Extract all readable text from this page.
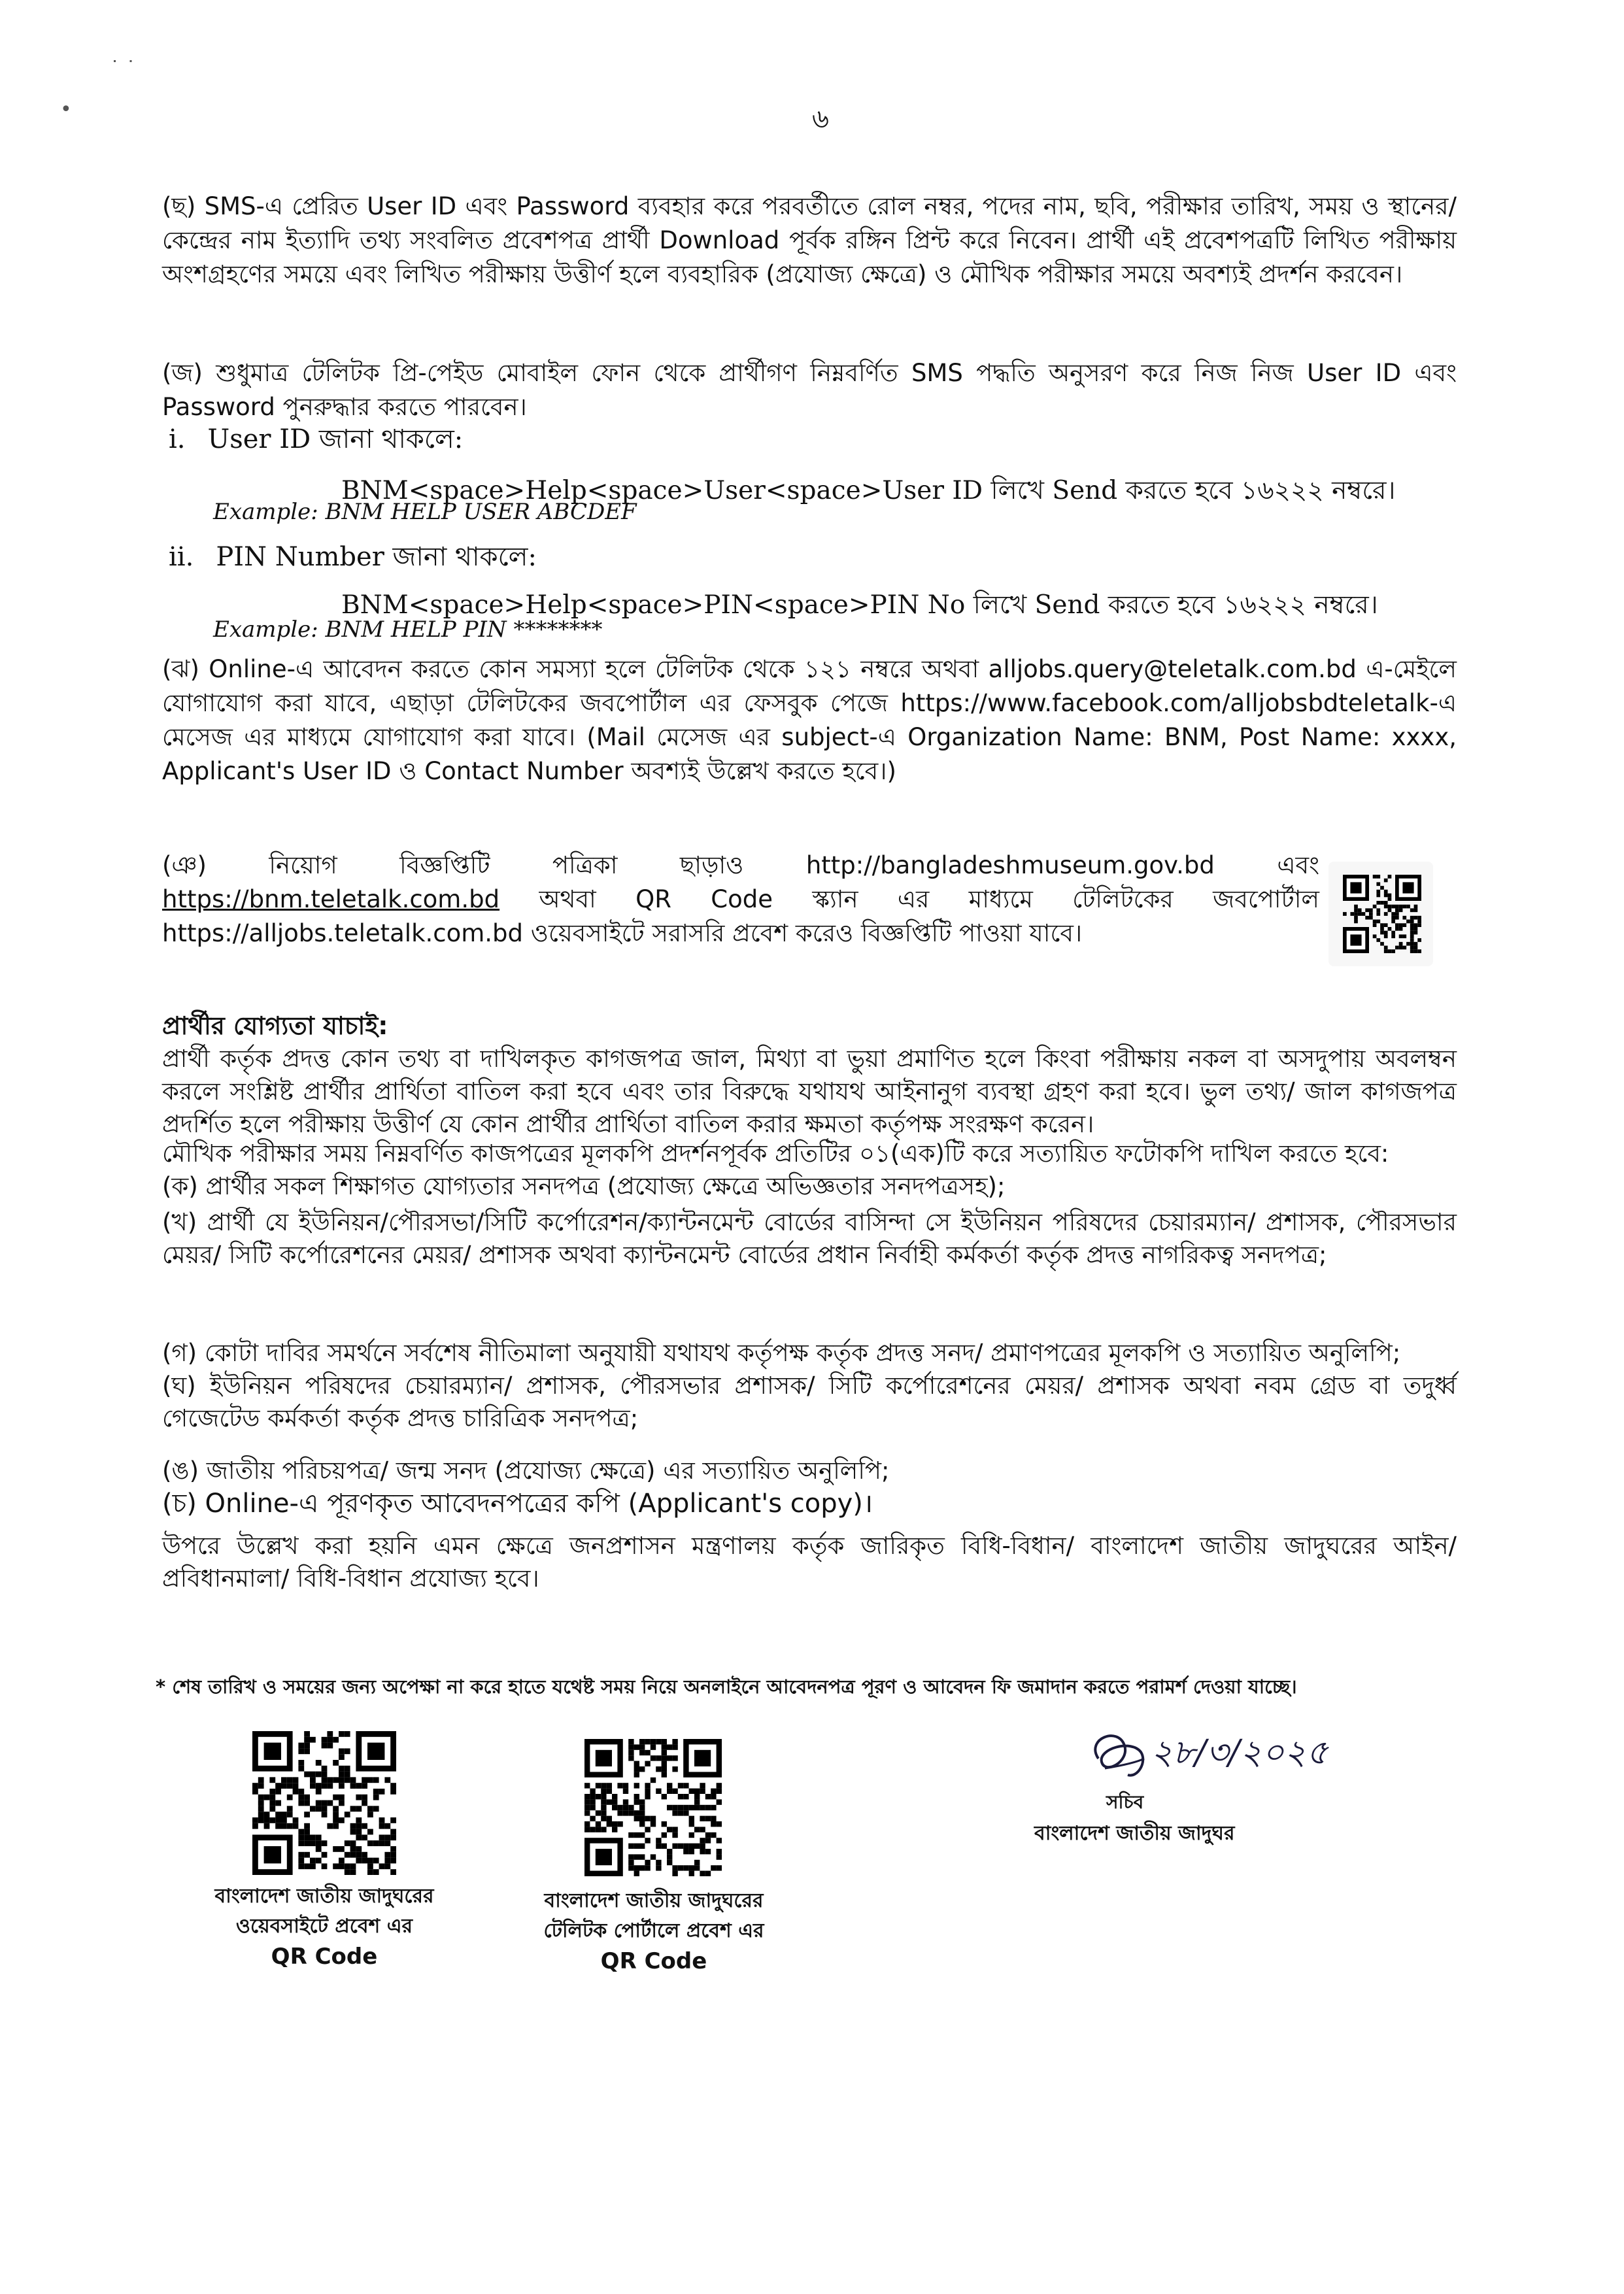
˙ ˙
•	৬
(ছ) SMS-এ প্রেরিত User ID এবং Password ব্যবহার করে পরবর্তীতে রোল নম্বর, পদের নাম, ছবি, পরীক্ষার তারিখ, সময় ও স্থানের/ কেন্দ্রের নাম ইত্যাদি তথ্য সংবলিত প্রবেশপত্র প্রার্থী Download পূর্বক রঙ্গিন প্রিন্ট করে নিবেন। প্রার্থী এই প্রবেশপত্রটি লিখিত পরীক্ষায় অংশগ্রহণের সময়ে এবং লিখিত পরীক্ষায় উত্তীর্ণ হলে ব্যবহারিক (প্রযোজ্য ক্ষেত্রে) ও মৌখিক পরীক্ষার সময়ে অবশ্যই প্রদর্শন করবেন।
(জ) শুধুমাত্র টেলিটক প্রি-পেইড মোবাইল ফোন থেকে প্রার্থীগণ নিম্নবর্ণিত SMS পদ্ধতি অনুসরণ করে নিজ নিজ User ID এবং Password পুনরুদ্ধার করতে পারবেন।
i. User ID জানা থাকলে:
BNM<space>Help<space>User<space>User ID লিখে Send করতে হবে ১৬২২২ নম্বরে।
Example: BNM HELP USER ABCDEF
ii. PIN Number জানা থাকলে:
BNM<space>Help<space>PIN<space>PIN No লিখে Send করতে হবে ১৬২২২ নম্বরে।
Example: BNM HELP PIN ********
(ঝ) Online-এ আবেদন করতে কোন সমস্যা হলে টেলিটক থেকে ১২১ নম্বরে অথবা alljobs.query@teletalk.com.bd এ-মেইলে যোগাযোগ করা যাবে, এছাড়া টেলিটকের জবপোর্টাল এর ফেসবুক পেজে https://www.facebook.com/alljobsbdteletalk-এ মেসেজ এর মাধ্যমে যোগাযোগ করা যাবে। (Mail মেসেজ এর subject-এ Organization Name: BNM, Post Name: xxxx, Applicant's User ID ও Contact Number অবশ্যই উল্লেখ করতে হবে।)
(ঞ) নিয়োগ বিজ্ঞপ্তিটি পত্রিকা ছাড়াও http://bangladeshmuseum.gov.bd এবং https://bnm.teletalk.com.bd অথবা QR Code স্ক্যান এর মাধ্যমে টেলিটকের জবপোর্টাল https://alljobs.teletalk.com.bd ওয়েবসাইটে সরাসরি প্রবেশ করেও বিজ্ঞপ্তিটি পাওয়া যাবে।
প্রার্থীর যোগ্যতা যাচাই:
প্রার্থী কর্তৃক প্রদত্ত কোন তথ্য বা দাখিলকৃত কাগজপত্র জাল, মিথ্যা বা ভুয়া প্রমাণিত হলে কিংবা পরীক্ষায় নকল বা অসদুপায় অবলম্বন করলে সংশ্লিষ্ট প্রার্থীর প্রার্থিতা বাতিল করা হবে এবং তার বিরুদ্ধে যথাযথ আইনানুগ ব্যবস্থা গ্রহণ করা হবে। ভুল তথ্য/ জাল কাগজপত্র প্রদর্শিত হলে পরীক্ষায় উত্তীর্ণ যে কোন প্রার্থীর প্রার্থিতা বাতিল করার ক্ষমতা কর্তৃপক্ষ সংরক্ষণ করেন।
মৌখিক পরীক্ষার সময় নিম্নবর্ণিত কাজপত্রের মূলকপি প্রদর্শনপূর্বক প্রতিটির ০১(এক)টি করে সত্যায়িত ফটোকপি দাখিল করতে হবে:
(ক) প্রার্থীর সকল শিক্ষাগত যোগ্যতার সনদপত্র (প্রযোজ্য ক্ষেত্রে অভিজ্ঞতার সনদপত্রসহ);
(খ) প্রার্থী যে ইউনিয়ন/পৌরসভা/সিটি কর্পোরেশন/ক্যান্টনমেন্ট বোর্ডের বাসিন্দা সে ইউনিয়ন পরিষদের চেয়ারম্যান/ প্রশাসক, পৌরসভার মেয়র/ সিটি কর্পোরেশনের মেয়র/ প্রশাসক অথবা ক্যান্টনমেন্ট বোর্ডের প্রধান নির্বাহী কর্মকর্তা কর্তৃক প্রদত্ত নাগরিকত্ব সনদপত্র;
(গ) কোটা দাবির সমর্থনে সর্বশেষ নীতিমালা অনুযায়ী যথাযথ কর্তৃপক্ষ কর্তৃক প্রদত্ত সনদ/ প্রমাণপত্রের মূলকপি ও সত্যায়িত অনুলিপি;
(ঘ) ইউনিয়ন পরিষদের চেয়ারম্যান/ প্রশাসক, পৌরসভার প্রশাসক/ সিটি কর্পোরেশনের মেয়র/ প্রশাসক অথবা নবম গ্রেড বা তদুর্ধ্ব গেজেটেড কর্মকর্তা কর্তৃক প্রদত্ত চারিত্রিক সনদপত্র;
(ঙ) জাতীয় পরিচয়পত্র/ জন্ম সনদ (প্রযোজ্য ক্ষেত্রে) এর সত্যায়িত অনুলিপি;
(চ) Online-এ পূরণকৃত আবেদনপত্রের কপি (Applicant's copy)।
উপরে উল্লেখ করা হয়নি এমন ক্ষেত্রে জনপ্রশাসন মন্ত্রণালয় কর্তৃক জারিকৃত বিধি-বিধান/ বাংলাদেশ জাতীয় জাদুঘরের আইন/ প্রবিধানমালা/ বিধি-বিধান প্রযোজ্য হবে।
* শেষ তারিখ ও সময়ের জন্য অপেক্ষা না করে হাতে যথেষ্ট সময় নিয়ে অনলাইনে আবেদনপত্র পূরণ ও আবেদন ফি জমাদান করতে পরামর্শ দেওয়া যাচ্ছে।
বাংলাদেশ জাতীয় জাদুঘরের
ওয়েবসাইটে প্রবেশ এর
QR Code
বাংলাদেশ জাতীয় জাদুঘরের
টেলিটক পোর্টালে প্রবেশ এর
QR Code
২৮/৩/২০২৫
সচিব
বাংলাদেশ জাতীয় জাদুঘর
